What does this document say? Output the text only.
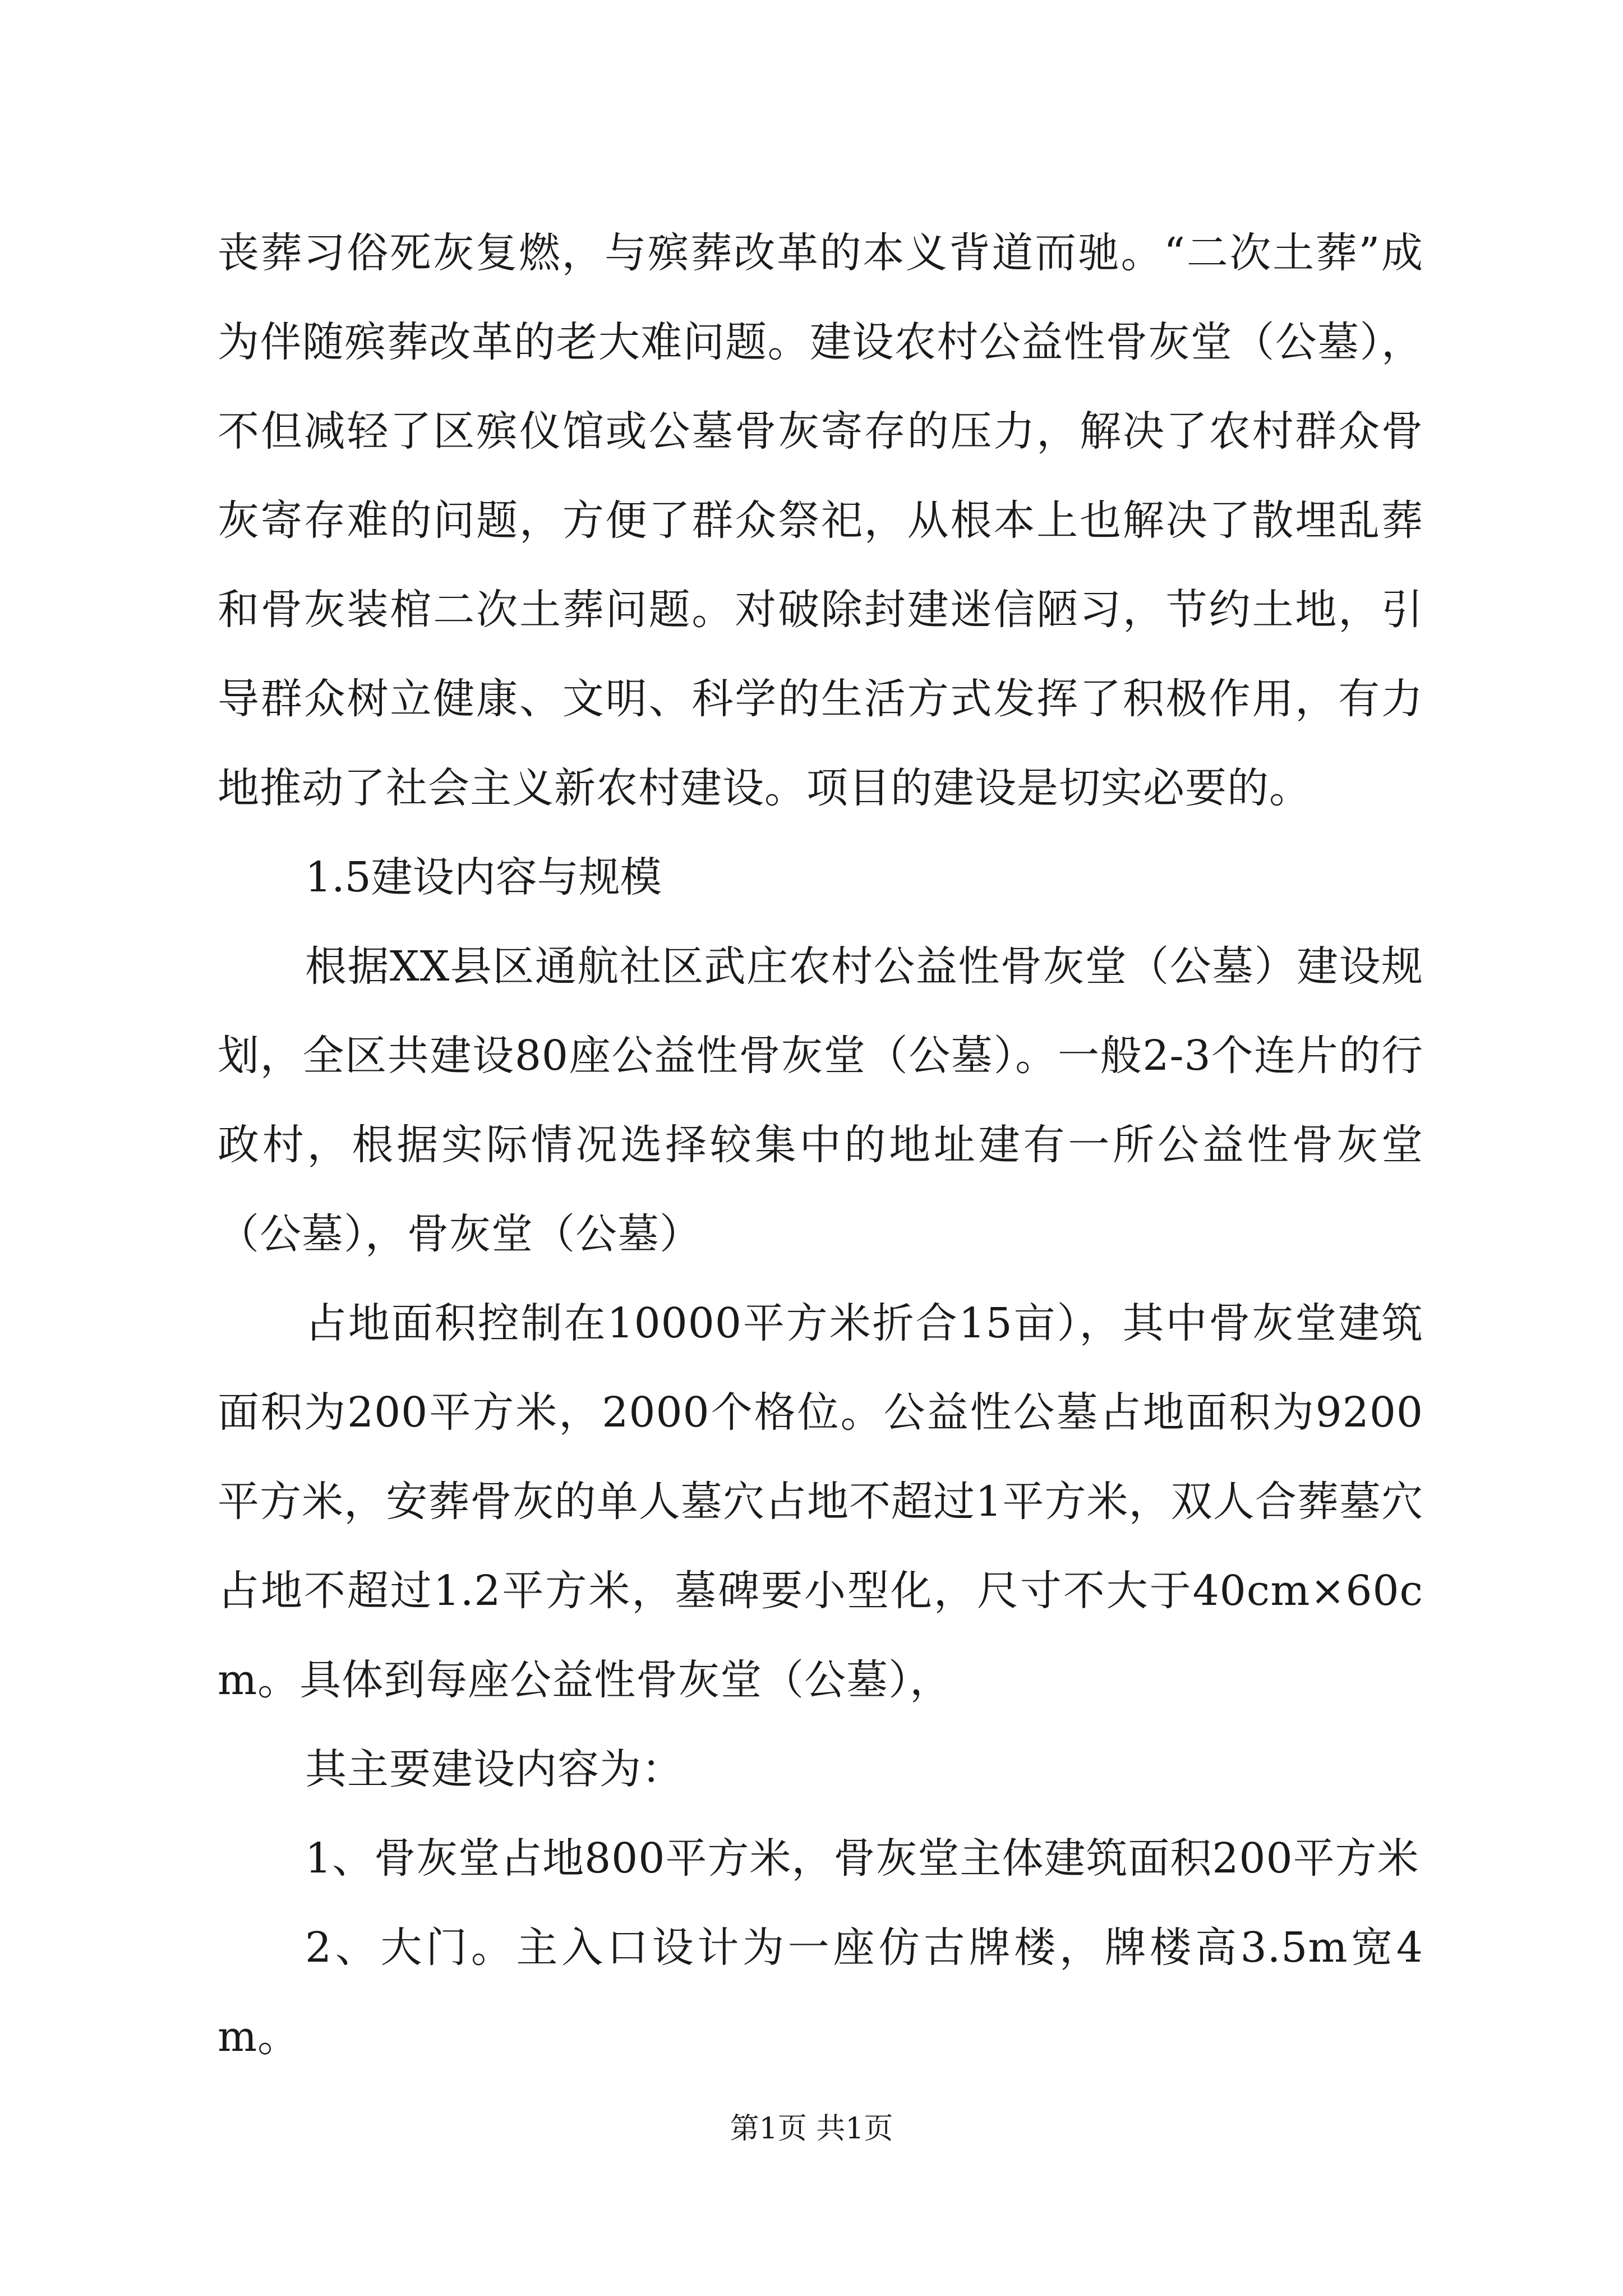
丧葬习俗死灰复燃，与殡葬改革的本义背道而驰。“二次土葬”成为伴随殡葬改革的老大难问题。建设农村公益性骨灰堂（公墓），不但减轻了区殡仪馆或公墓骨灰寄存的压力，解决了农村群众骨灰寄存难的问题，方便了群众祭祀，从根本上也解决了散埋乱葬和骨灰装棺二次土葬问题。对破除封建迷信陋习，节约土地，引导群众树立健康、文明、科学的生活方式发挥了积极作用，有力地推动了社会主义新农村建设。项目的建设是切实必要的。

1.5建设内容与规模

根据XX县区通航社区武庄农村公益性骨灰堂（公墓）建设规划，全区共建设80座公益性骨灰堂（公墓）。一般2-3个连片的行政村，根据实际情况选择较集中的地址建有一所公益性骨灰堂（公墓），骨灰堂（公墓）

占地面积控制在10000平方米折合15亩），其中骨灰堂建筑面积为200平方米，2000个格位。公益性公墓占地面积为9200平方米，安葬骨灰的单人墓穴占地不超过1平方米，双人合葬墓穴占地不超过1.2平方米，墓碑要小型化，尺寸不大于40cm×60cm。具体到每座公益性骨灰堂（公墓），

其主要建设内容为：

1、骨灰堂占地800平方米，骨灰堂主体建筑面积200平方米

2、大门。主入口设计为一座仿古牌楼，牌楼高3.5m宽4m。

第1页 共1页
